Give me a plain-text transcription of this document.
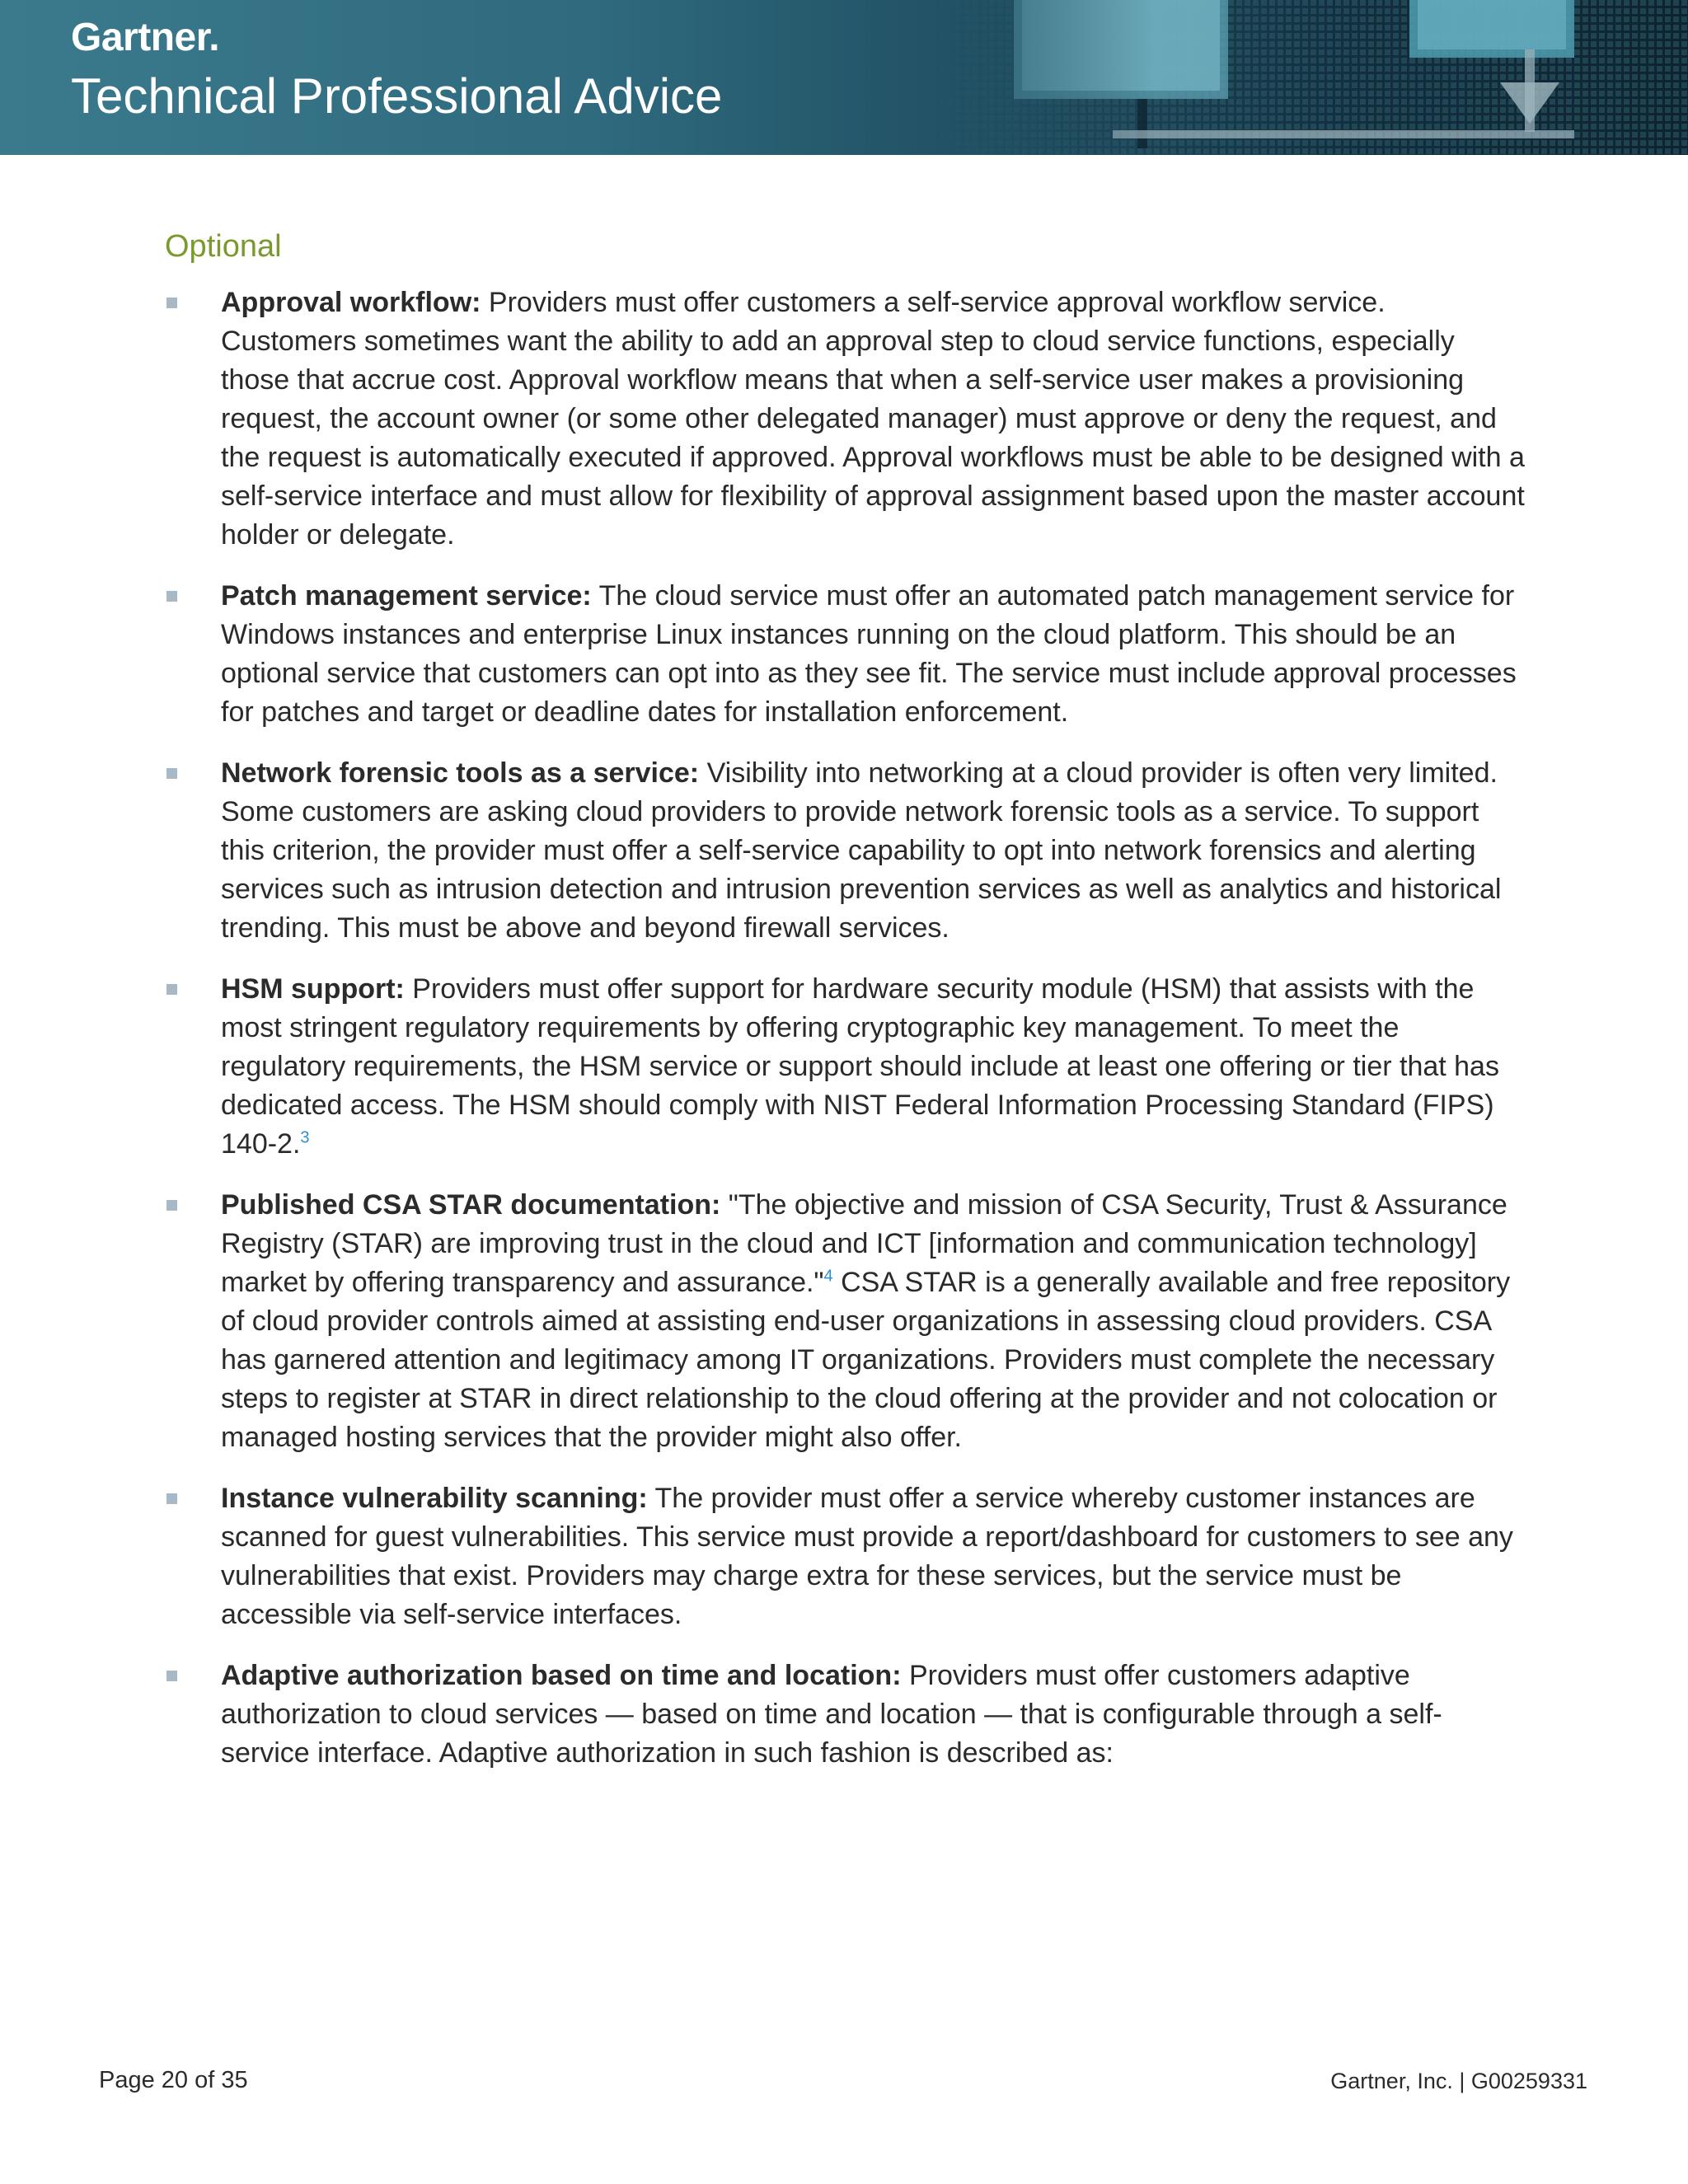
Gartner.
Technical Professional Advice
Optional
Approval workflow: Providers must offer customers a self-service approval workflow service. Customers sometimes want the ability to add an approval step to cloud service functions, especially those that accrue cost. Approval workflow means that when a self-service user makes a provisioning request, the account owner (or some other delegated manager) must approve or deny the request, and the request is automatically executed if approved. Approval workflows must be able to be designed with a self-service interface and must allow for flexibility of approval assignment based upon the master account holder or delegate.
Patch management service: The cloud service must offer an automated patch management service for Windows instances and enterprise Linux instances running on the cloud platform. This should be an optional service that customers can opt into as they see fit. The service must include approval processes for patches and target or deadline dates for installation enforcement.
Network forensic tools as a service: Visibility into networking at a cloud provider is often very limited. Some customers are asking cloud providers to provide network forensic tools as a service. To support this criterion, the provider must offer a self-service capability to opt into network forensics and alerting services such as intrusion detection and intrusion prevention services as well as analytics and historical trending. This must be above and beyond firewall services.
HSM support: Providers must offer support for hardware security module (HSM) that assists with the most stringent regulatory requirements by offering cryptographic key management. To meet the regulatory requirements, the HSM service or support should include at least one offering or tier that has dedicated access. The HSM should comply with NIST Federal Information Processing Standard (FIPS) 140-2.$^3$
Published CSA STAR documentation: "The objective and mission of CSA Security, Trust & Assurance Registry (STAR) are improving trust in the cloud and ICT [information and communication technology] market by offering transparency and assurance."$^4$ CSA STAR is a generally available and free repository of cloud provider controls aimed at assisting end-user organizations in assessing cloud providers. CSA has garnered attention and legitimacy among IT organizations. Providers must complete the necessary steps to register at STAR in direct relationship to the cloud offering at the provider and not colocation or managed hosting services that the provider might also offer.
Instance vulnerability scanning: The provider must offer a service whereby customer instances are scanned for guest vulnerabilities. This service must provide a report/dashboard for customers to see any vulnerabilities that exist. Providers may charge extra for these services, but the service must be accessible via self-service interfaces.
Adaptive authorization based on time and location: Providers must offer customers adaptive authorization to cloud services — based on time and location — that is configurable through a self-service interface. Adaptive authorization in such fashion is described as:
Page 20 of 35	Gartner, Inc. | G00259331
